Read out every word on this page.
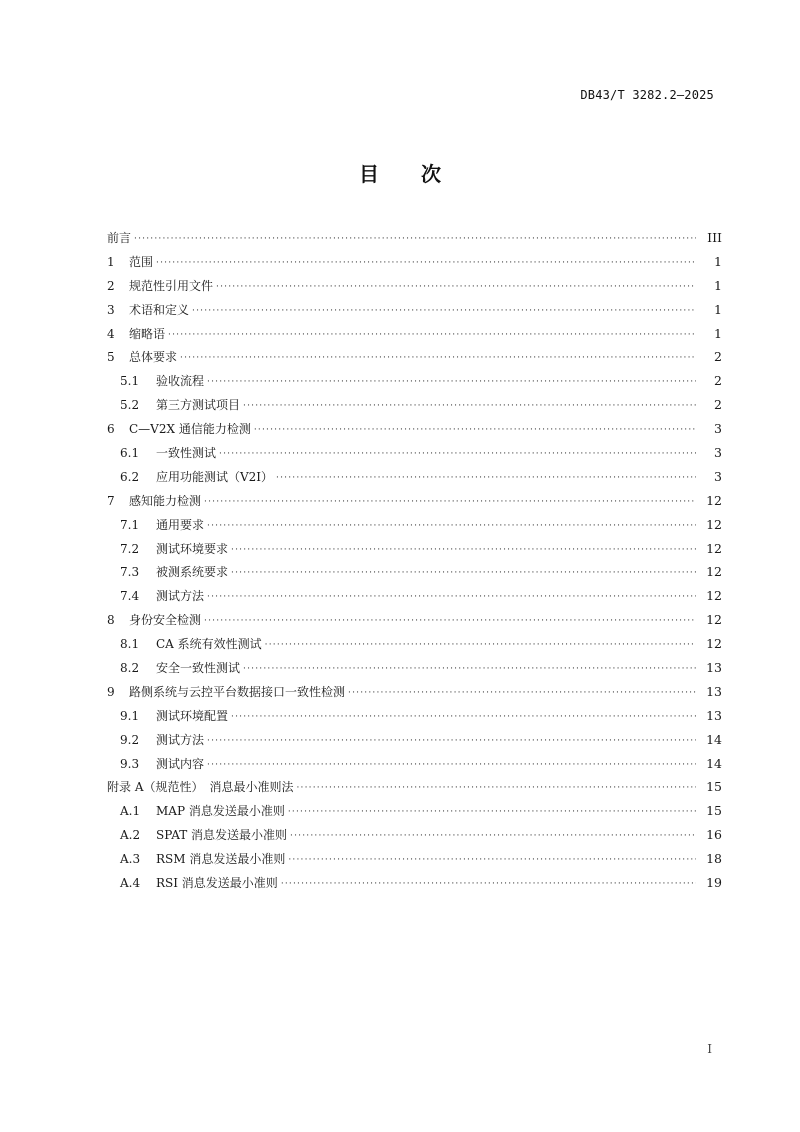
DB43/T 3282.2—2025
目 次
前言 ·····	III
1	范围 ·····	1
2	规范性引用文件 ·····	1
3	术语和定义 ·····	1
4	缩略语 ·····	1
5	总体要求 ·····	2
5.1	验收流程 ·····	2
5.2	第三方测试项目 ·····	2
6	C—V2X 通信能力检测 ·····	3
6.1	一致性测试 ·····	3
6.2	应用功能测试（V2I） ·····	3
7	感知能力检测 ·····	12
7.1	通用要求 ·····	12
7.2	测试环境要求 ·····	12
7.3	被测系统要求 ·····	12
7.4	测试方法 ·····	12
8	身份安全检测 ·····	12
8.1	CA 系统有效性测试 ·····	12
8.2	安全一致性测试 ·····	13
9	路侧系统与云控平台数据接口一致性检测 ·····	13
9.1	测试环境配置 ·····	13
9.2	测试方法 ·····	14
9.3	测试内容 ·····	14
附录 A（规范性）　消息最小准则法 ·····	15
A.1	MAP 消息发送最小准则 ·····	15
A.2	SPAT 消息发送最小准则 ·····	16
A.3	RSM 消息发送最小准则 ·····	18
A.4	RSI 消息发送最小准则 ·····	19
I
